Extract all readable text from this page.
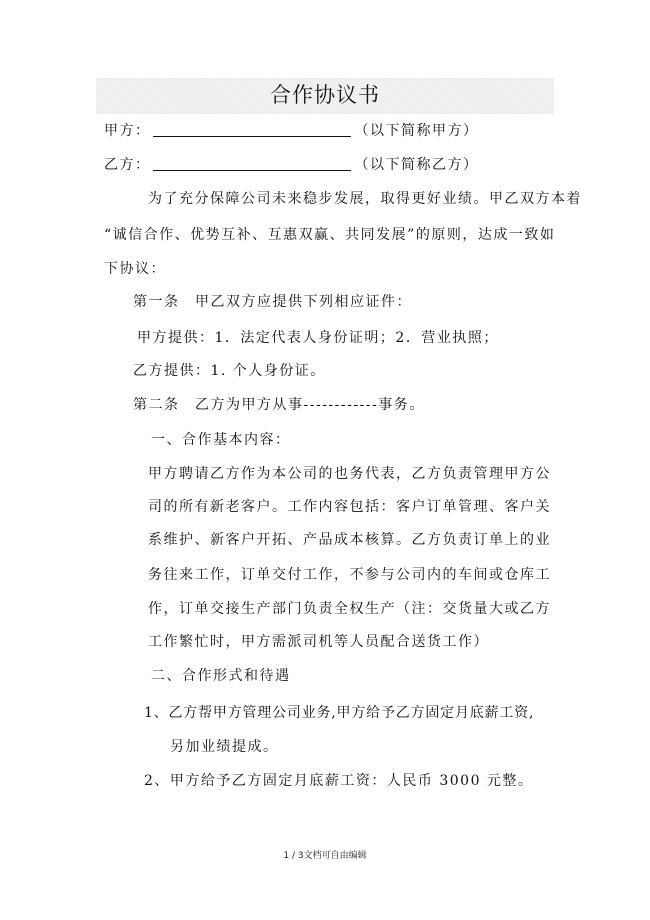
合作协议书
甲方：	（以下简称甲方）
乙方：	（以下简称乙方）
为了充分保障公司未来稳步发展，取得更好业绩。甲乙双方本着
“诚信合作、优势互补、互惠双赢、共同发展”的原则，达成一致如
下协议：
第一条　甲乙双方应提供下列相应证件：
甲方提供：1．法定代表人身份证明；2．营业执照；
乙方提供：1. 个人身份证。
第二条　乙方为甲方从事------------事务。
一、合作基本内容：
甲方聘请乙方作为本公司的也务代表，乙方负责管理甲方公
司的所有新老客户。工作内容包括：客户订单管理、客户关
系维护、新客户开拓、产品成本核算。乙方负责订单上的业
务往来工作，订单交付工作，不参与公司内的车间或仓库工
作，订单交接生产部门负责全权生产（注：交货量大或乙方
工作繁忙时，甲方需派司机等人员配合送货工作）
二、合作形式和待遇
1、乙方帮甲方管理公司业务,甲方给予乙方固定月底薪工资,
另加业绩提成。
2、甲方给予乙方固定月底薪工资：人民币 3000 元整。
1 / 3文档可自由编辑
